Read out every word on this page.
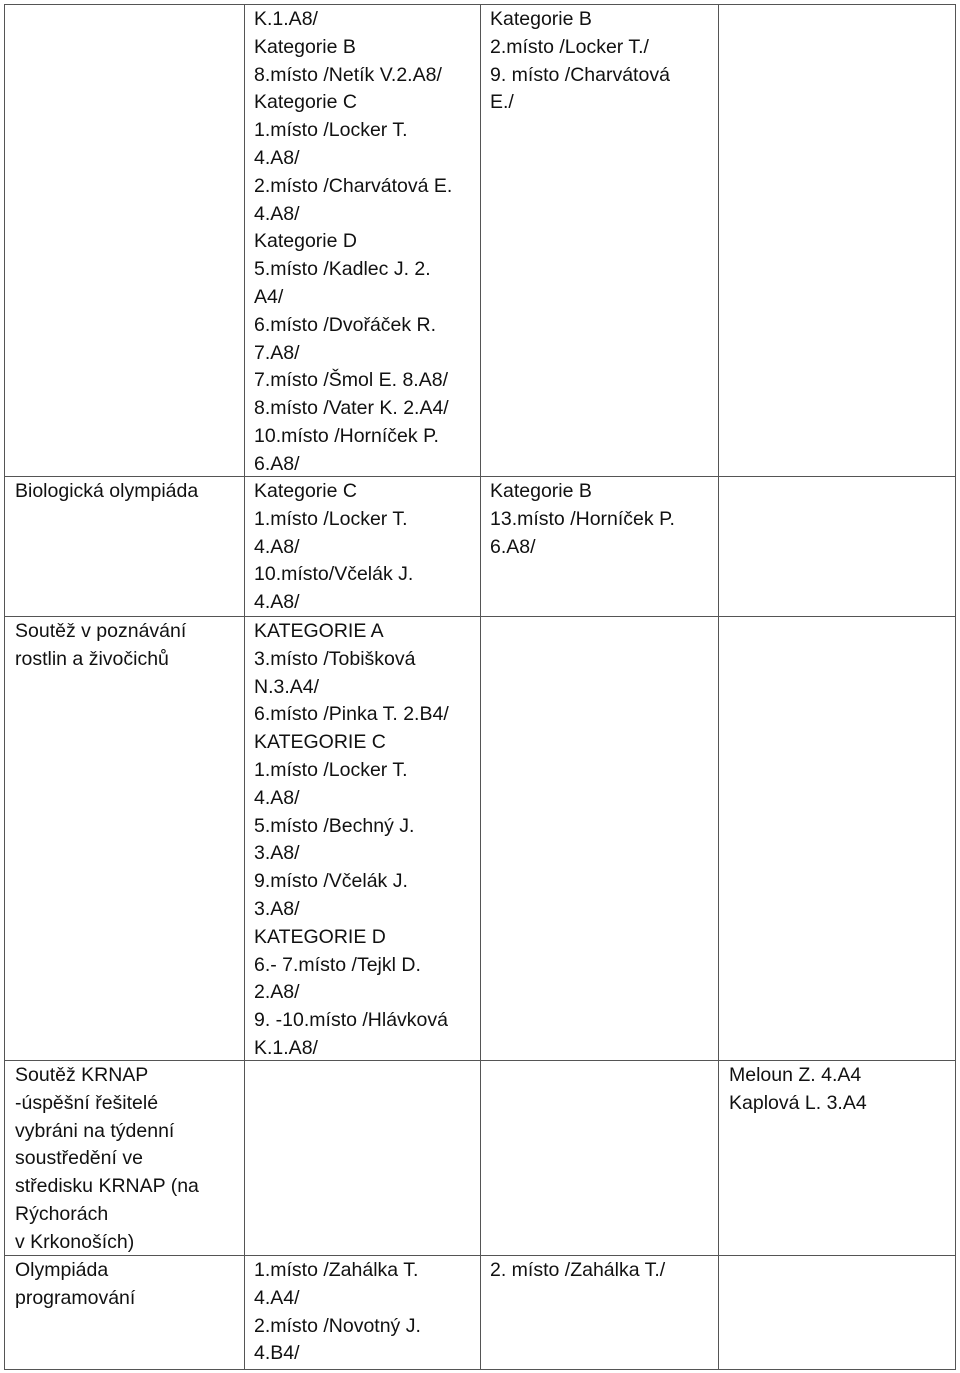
K.1.A8/
Kategorie B
8.místo /Netík V.2.A8/
Kategorie C
1.místo /Locker T.
4.A8/
2.místo /Charvátová E.
4.A8/
Kategorie D
5.místo /Kadlec J. 2.
A4/
6.místo /Dvořáček R.
7.A8/
7.místo /Šmol E. 8.A8/
8.místo /Vater K. 2.A4/
10.místo /Horníček P.
6.A8/
Kategorie B
2.místo /Locker T./
9. místo /Charvátová
E./
Biologická olympiáda	Kategorie C
1.místo /Locker T.
4.A8/
10.místo/Včelák J.
4.A8/
Kategorie B
13.místo /Horníček P.
6.A8/
Soutěž v poznávání
rostlin a živočichů
KATEGORIE A
3.místo /Tobišková
N.3.A4/
6.místo /Pinka T. 2.B4/
KATEGORIE C
1.místo /Locker T.
4.A8/
5.místo /Bechný J.
3.A8/
9.místo /Včelák J.
3.A8/
KATEGORIE D
6.- 7.místo /Tejkl D.
2.A8/
9. -10.místo /Hlávková
K.1.A8/
Soutěž KRNAP
-úspěšní řešitelé
vybráni na týdenní
soustředění ve
středisku KRNAP (na
Rýchorách
v Krkonoších)
Meloun Z. 4.A4
Kaplová L. 3.A4
Olympiáda
programování
1.místo /Zahálka T.
4.A4/
2.místo /Novotný J.
4.B4/
2. místo /Zahálka T./
